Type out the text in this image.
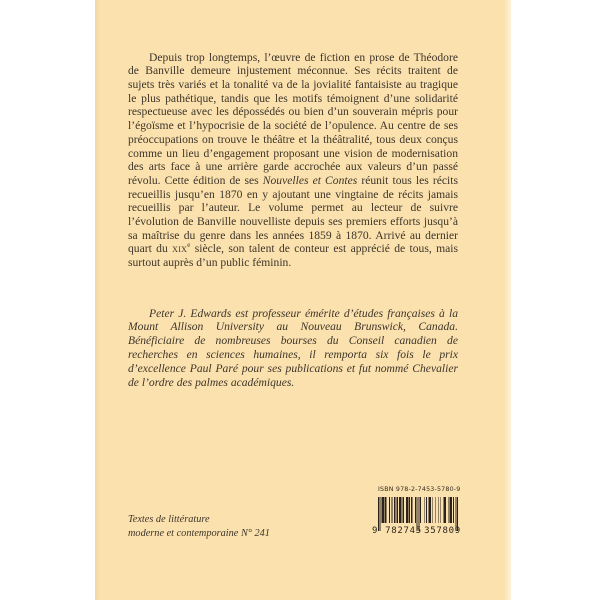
Depuis trop longtemps, l’œuvre de fiction en prose de Théodore de Banville demeure injustement méconnue. Ses récits traitent de sujets très variés et la tonalité va de la jovialité fantaisiste au tragique le plus pathétique, tandis que les motifs témoignent d’une solidarité respectueuse avec les dépossédés ou bien d’un souverain mépris pour l’égoïsme et l’hypocrisie de la société de l’opulence. Au centre de ses préoccupations on trouve le théâtre et la théâtralité, tous deux conçus comme un lieu d’engagement proposant une vision de modernisation des arts face à une arrière garde accrochée aux valeurs d’un passé révolu. Cette édition de ses Nouvelles et Contes réunit tous les récits recueillis jusqu’en 1870 en y ajoutant une vingtaine de récits jamais recueillis par l’auteur. Le volume permet au lecteur de suivre l’évolution de Banville nouvelliste depuis ses premiers efforts jusqu’à sa maîtrise du genre dans les années 1859 à 1870. Arrivé au dernier quart du xix$^e$ siècle, son talent de conteur est apprécié de tous, mais surtout auprès d’un public féminin.

Peter J. Edwards est professeur émérite d’études françaises à la Mount Allison University au Nouveau Brunswick, Canada. Bénéficiaire de nombreuses bourses du Conseil canadien de recherches en sciences humaines, il remporta six fois le prix d’excellence Paul Paré pour ses publications et fut nommé Chevalier de l’ordre des palmes académiques.

Textes de littérature
moderne et contemporaine N° 241
ISBN 978-2-7453-5780-9
9 782745 357809
